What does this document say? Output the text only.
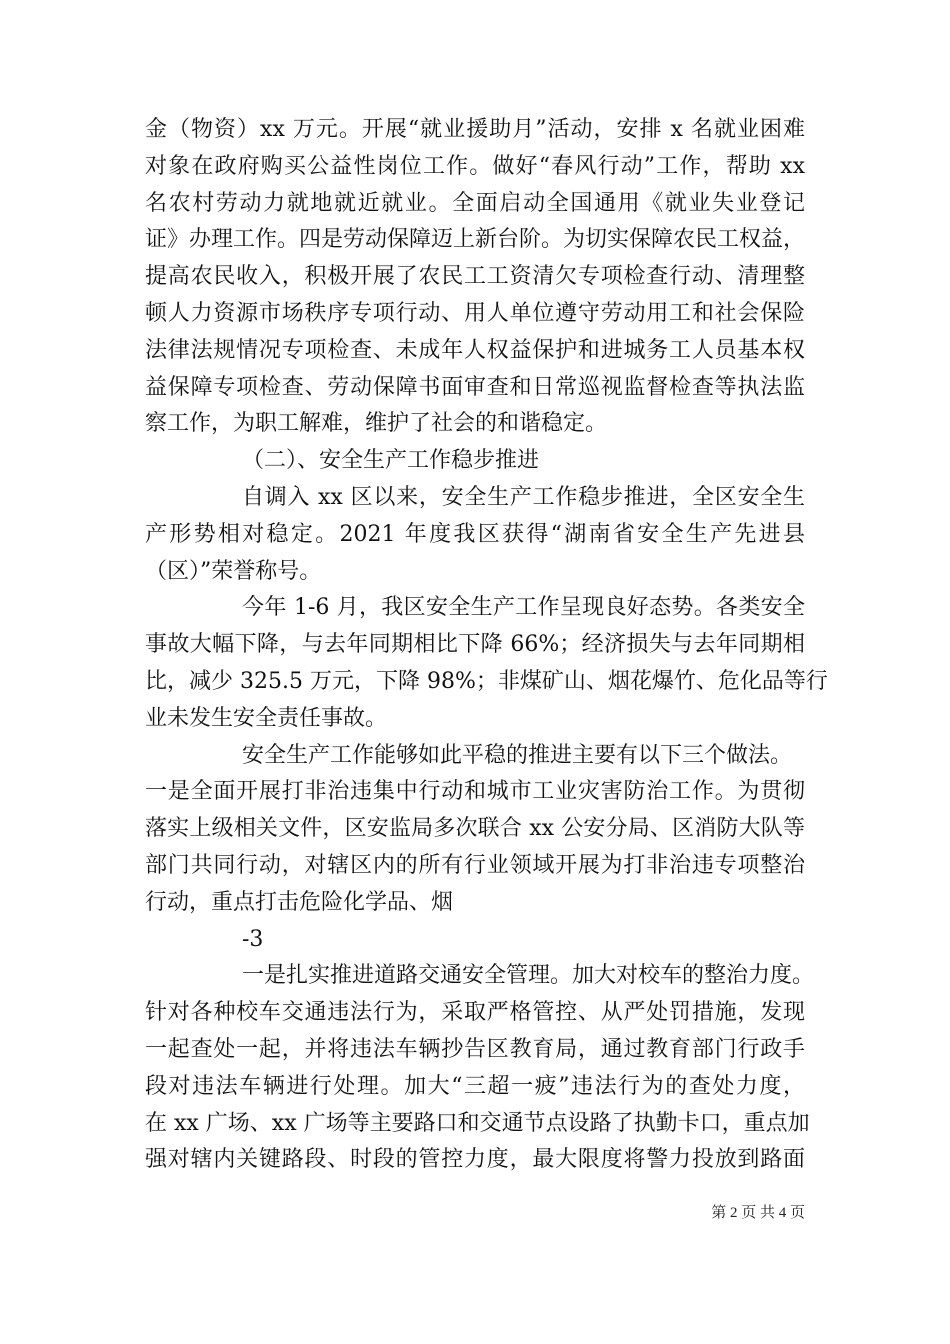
第 2 页 共 4 页
金（物资）xx 万元。开展“就业援助月”活动，安排 x 名就业困难
对象在政府购买公益性岗位工作。做好“春风行动”工作，帮助 xx
名农村劳动力就地就近就业。全面启动全国通用《就业失业登记
证》办理工作。四是劳动保障迈上新台阶。为切实保障农民工权益，
提高农民收入，积极开展了农民工工资清欠专项检查行动、清理整
顿人力资源市场秩序专项行动、用人单位遵守劳动用工和社会保险
法律法规情况专项检查、未成年人权益保护和进城务工人员基本权
益保障专项检查、劳动保障书面审查和日常巡视监督检查等执法监
察工作，为职工解难，维护了社会的和谐稳定。
（二）、安全生产工作稳步推进
自调入 xx 区以来，安全生产工作稳步推进，全区安全生
产形势相对稳定。2021 年度我区获得“湖南省安全生产先进县
（区）”荣誉称号。
今年 1-6 月，我区安全生产工作呈现良好态势。各类安全
事故大幅下降，与去年同期相比下降 66%；经济损失与去年同期相
比，减少 325.5 万元，下降 98%；非煤矿山、烟花爆竹、危化品等行
业未发生安全责任事故。
安全生产工作能够如此平稳的推进主要有以下三个做法。
一是全面开展打非治违集中行动和城市工业灾害防治工作。为贯彻
落实上级相关文件，区安监局多次联合 xx 公安分局、区消防大队等
部门共同行动，对辖区内的所有行业领域开展为打非治违专项整治
行动，重点打击危险化学品、烟
-3
一是扎实推进道路交通安全管理。加大对校车的整治力度。
针对各种校车交通违法行为，采取严格管控、从严处罚措施，发现
一起查处一起，并将违法车辆抄告区教育局，通过教育部门行政手
段对违法车辆进行处理。加大“三超一疲”违法行为的查处力度，
在 xx 广场、xx 广场等主要路口和交通节点设路了执勤卡口，重点加
强对辖内关键路段、时段的管控力度，最大限度将警力投放到路面
